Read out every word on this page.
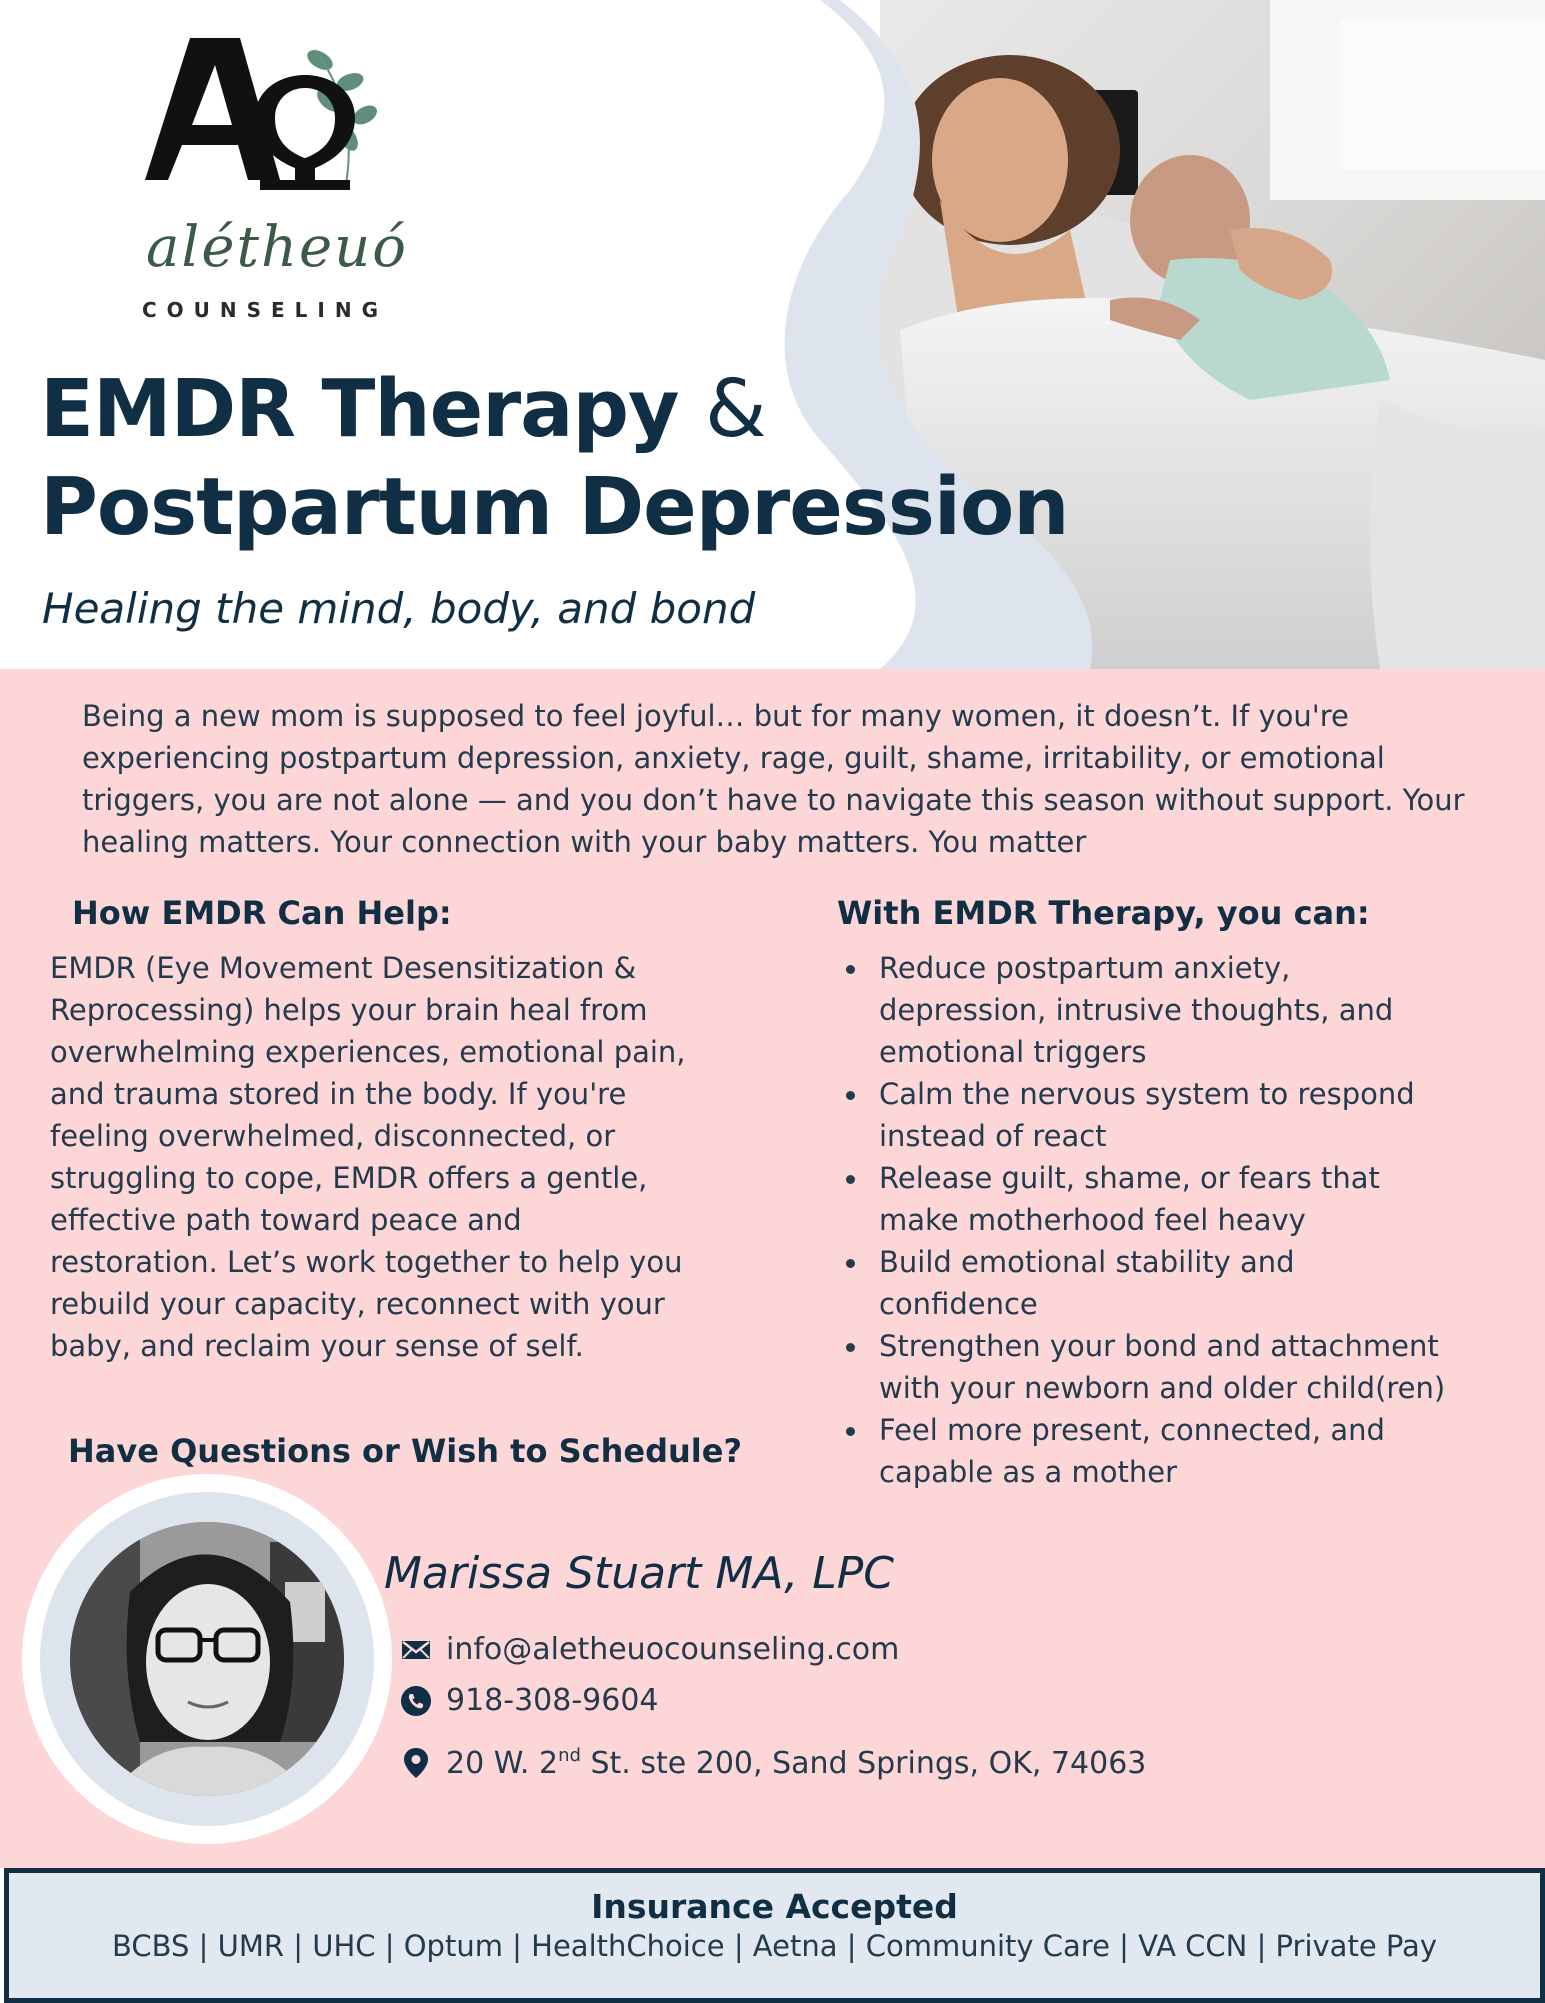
alétheuó
COUNSELING
EMDR Therapy &
Postpartum Depression

Healing the mind, body, and bond

Being a new mom is supposed to feel joyful… but for many women, it doesn’t. If you're experiencing postpartum depression, anxiety, rage, guilt, shame, irritability, or emotional triggers, you are not alone — and you don’t have to navigate this season without support. Your healing matters. Your connection with your baby matters. You matter

How EMDR Can Help:

EMDR (Eye Movement Desensitization & Reprocessing) helps your brain heal from overwhelming experiences, emotional pain, and trauma stored in the body. If you're feeling overwhelmed, disconnected, or struggling to cope, EMDR offers a gentle, effective path toward peace and restoration. Let’s work together to help you rebuild your capacity, reconnect with your baby, and reclaim your sense of self.

With EMDR Therapy, you can:
Reduce postpartum anxiety, depression, intrusive thoughts, and emotional triggers
Calm the nervous system to respond instead of react
Release guilt, shame, or fears that make motherhood feel heavy
Build emotional stability and confidence
Strengthen your bond and attachment with your newborn and older child(ren)
Feel more present, connected, and capable as a mother
Have Questions or Wish to Schedule?

Marissa Stuart MA, LPC

info@aletheuocounseling.com
918-308-9604
20 W. 2nd St. ste 200, Sand Springs, OK, 74063

Insurance Accepted

BCBS | UMR | UHC | Optum | HealthChoice | Aetna | Community Care | VA CCN | Private Pay
